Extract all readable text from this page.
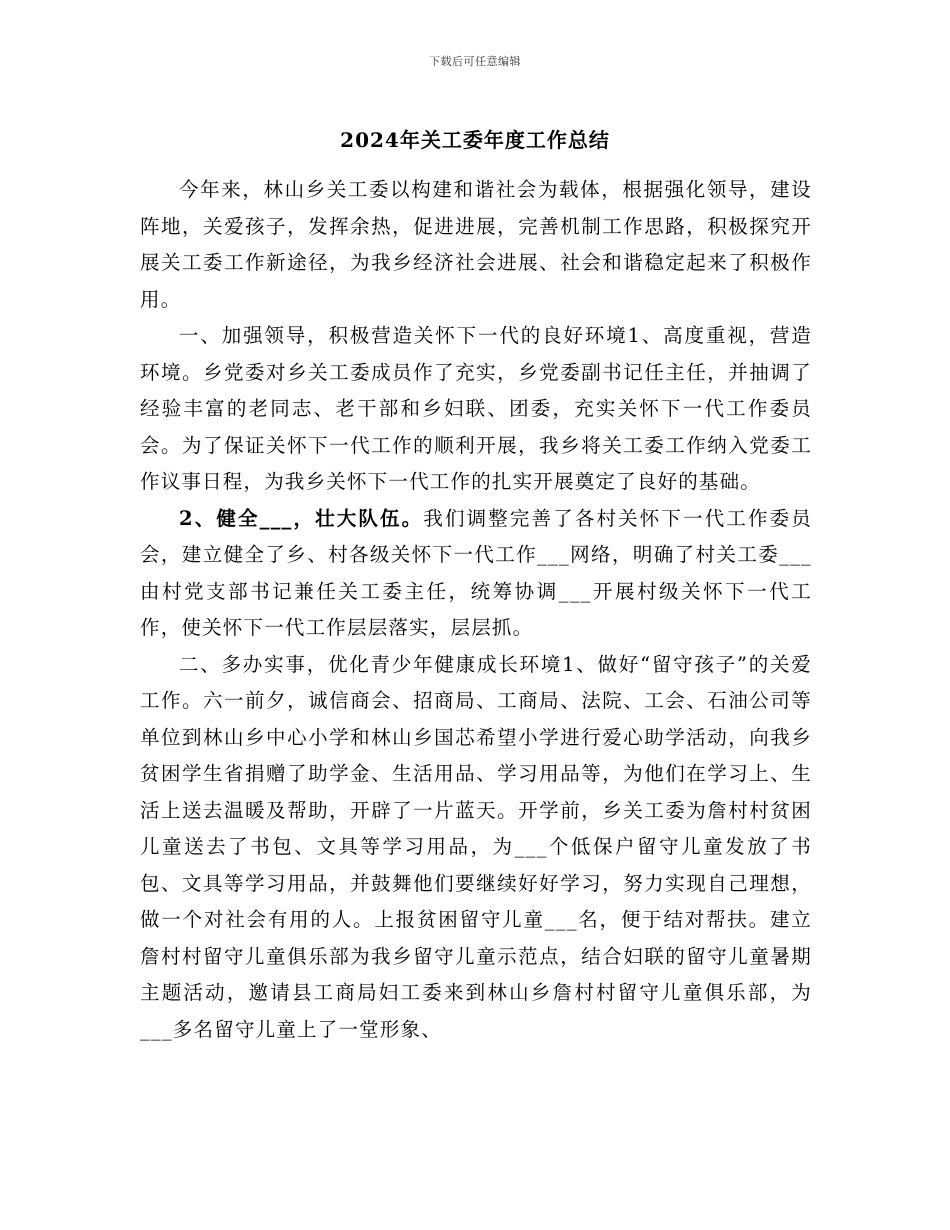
下载后可任意编辑
2024年关工委年度工作总结

今年来，林山乡关工委以构建和谐社会为载体，根据强化领导，建设阵地，关爱孩子，发挥余热，促进进展，完善机制工作思路，积极探究开展关工委工作新途径，为我乡经济社会进展、社会和谐稳定起来了积极作用。

一、加强领导，积极营造关怀下一代的良好环境1、高度重视，营造环境。乡党委对乡关工委成员作了充实，乡党委副书记任主任，并抽调了经验丰富的老同志、老干部和乡妇联、团委，充实关怀下一代工作委员会。为了保证关怀下一代工作的顺利开展，我乡将关工委工作纳入党委工作议事日程，为我乡关怀下一代工作的扎实开展奠定了良好的基础。

2、健全___，壮大队伍。我们调整完善了各村关怀下一代工作委员会，建立健全了乡、村各级关怀下一代工作___网络，明确了村关工委___由村党支部书记兼任关工委主任，统筹协调___开展村级关怀下一代工作，使关怀下一代工作层层落实，层层抓。

二、多办实事，优化青少年健康成长环境1、做好“留守孩子”的关爱工作。六一前夕，诚信商会、招商局、工商局、法院、工会、石油公司等单位到林山乡中心小学和林山乡国芯希望小学进行爱心助学活动，向我乡贫困学生省捐赠了助学金、生活用品、学习用品等，为他们在学习上、生活上送去温暖及帮助，开辟了一片蓝天。开学前，乡关工委为詹村村贫困儿童送去了书包、文具等学习用品，为___个低保户留守儿童发放了书包、文具等学习用品，并鼓舞他们要继续好好学习，努力实现自己理想，做一个对社会有用的人。上报贫困留守儿童___名，便于结对帮扶。建立詹村村留守儿童俱乐部为我乡留守儿童示范点，结合妇联的留守儿童暑期主题活动，邀请县工商局妇工委来到林山乡詹村村留守儿童俱乐部，为___多名留守儿童上了一堂形象、
